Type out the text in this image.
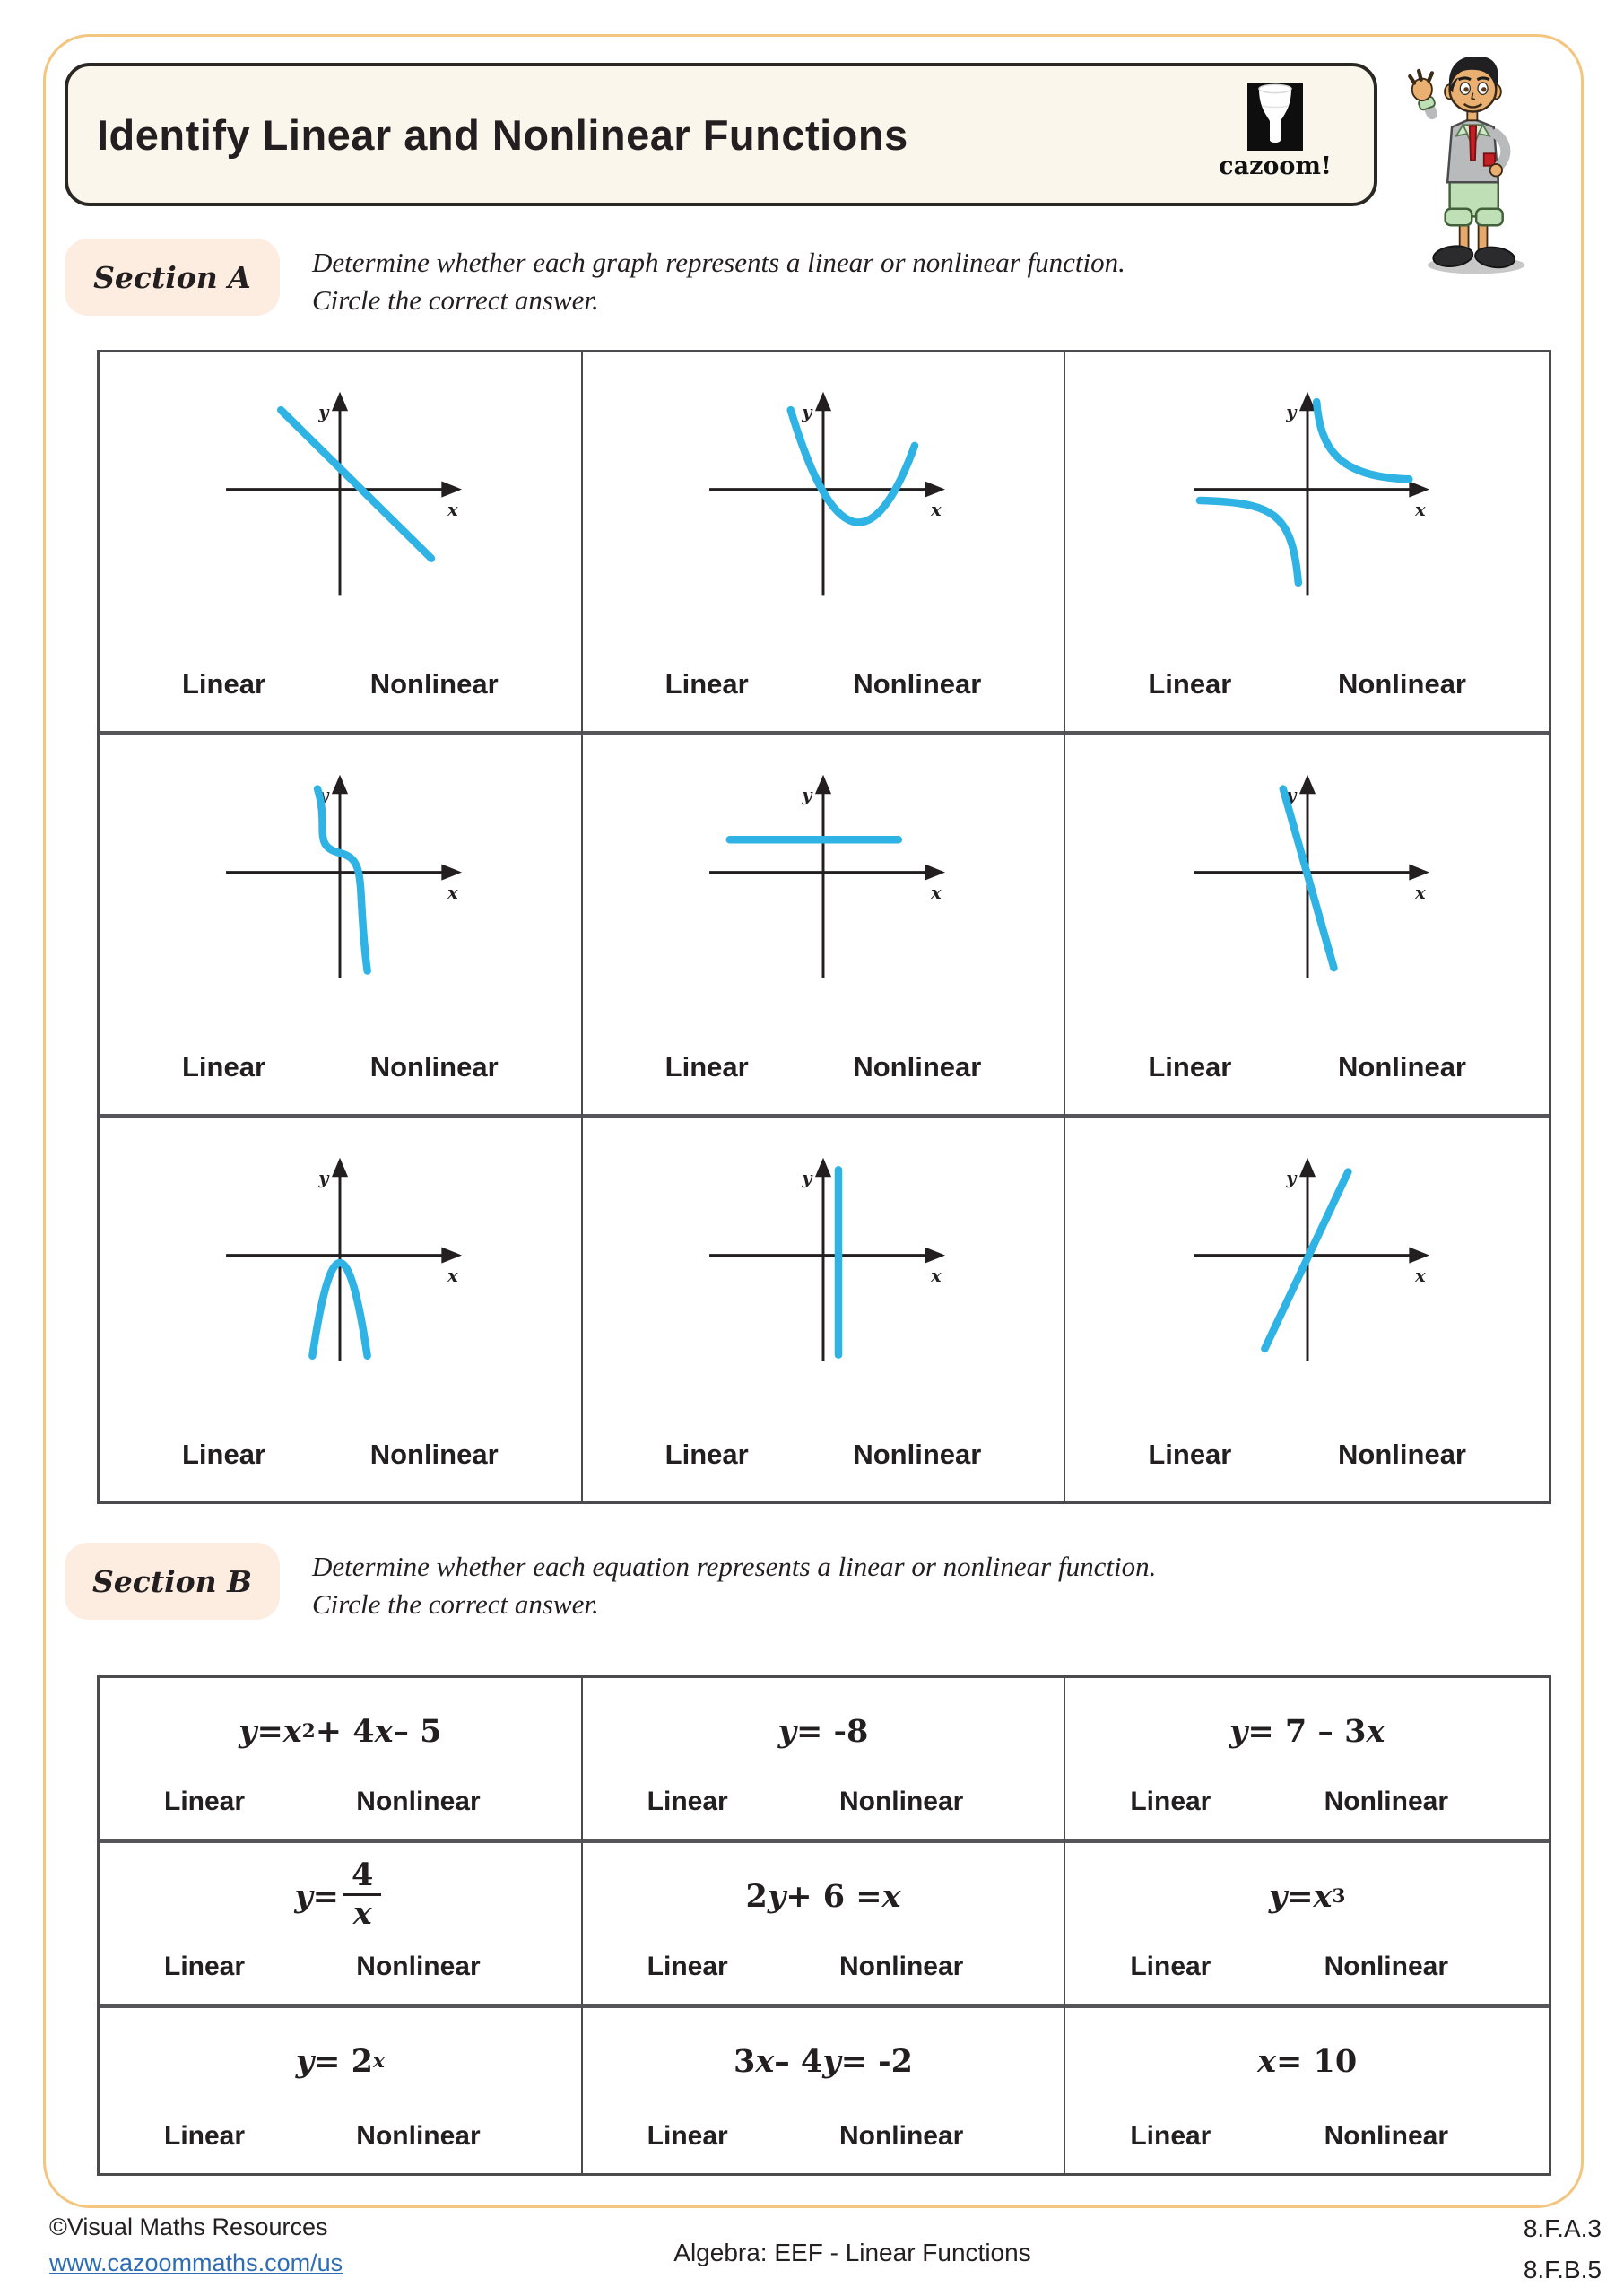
Identify Linear and Nonlinear Functions
cazoom!
Section A Determine whether each graph represents a linear or nonlinear function.
Circle the correct answer.
x
y
Linear	Nonlinear
x
y
Linear	Nonlinear
x
y
Linear	Nonlinear
x
y
Linear	Nonlinear
x
y
Linear	Nonlinear
x
y
Linear	Nonlinear
x
y
Linear	Nonlinear
x
y
Linear	Nonlinear
x
y
Linear	Nonlinear
Section B Determine whether each equation represents a linear or nonlinear function.
Circle the correct answer.
y = x 2 + 4 x – 5
Linear	Nonlinear
y = -8
Linear	Nonlinear
y = 7 – 3 x
Linear	Nonlinear
$y = \frac{4}{x}$
Linear	Nonlinear
2 y + 6 = x
Linear	Nonlinear
y = x 3
Linear	Nonlinear
y = 2 x
Linear	Nonlinear
3 x – 4 y = -2
Linear	Nonlinear
x = 10
Linear	Nonlinear
©Visual Maths Resources
www.cazoommaths.com/us	Algebra: EEF - Linear Functions
8.F.A.3
8.F.B.5
